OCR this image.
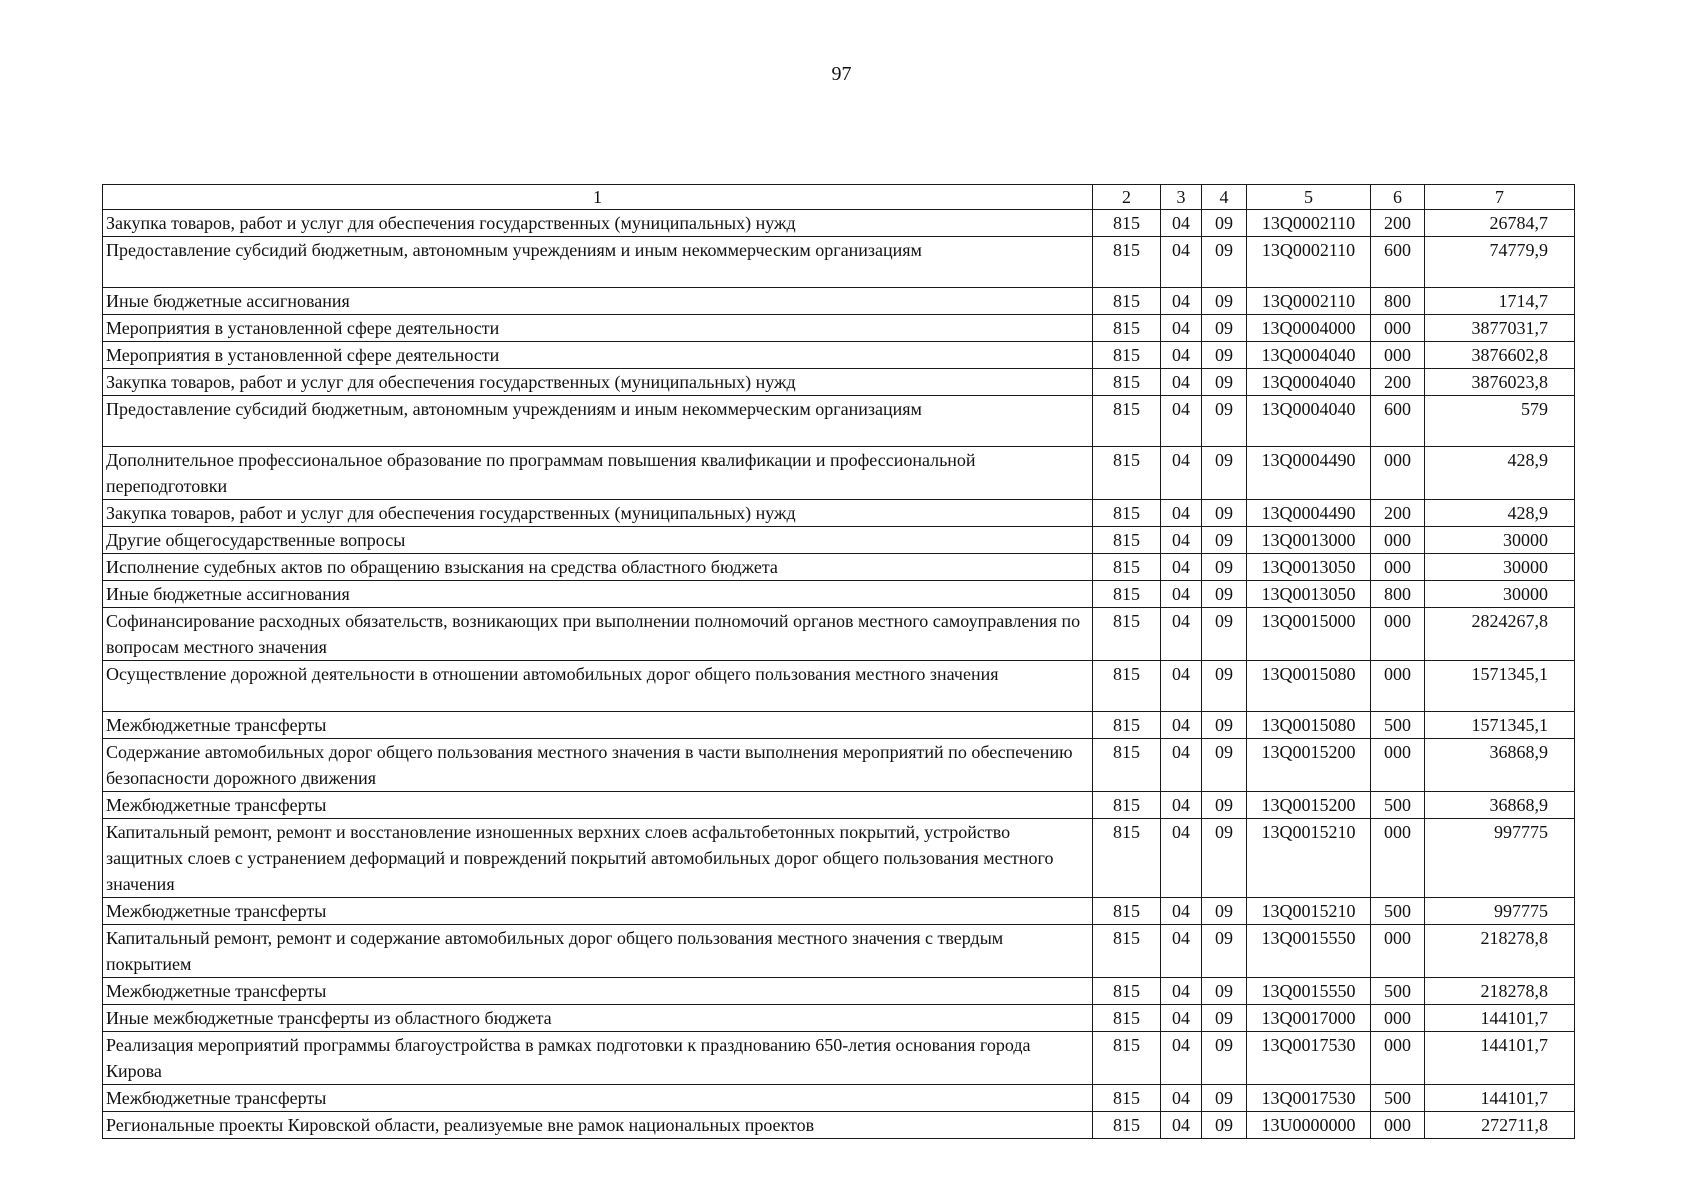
97
1	2	3	4	5	6	7
Закупка товаров, работ и услуг для обеспечения государственных (муниципальных) нужд	815	04	09	13Q0002110	200	26784,7
Предоставление субсидий бюджетным, автономным учреждениям и иным некоммерческим организациям	815	04	09	13Q0002110	600	74779,9
Иные бюджетные ассигнования	815	04	09	13Q0002110	800	1714,7
Мероприятия в установленной сфере деятельности	815	04	09	13Q0004000	000	3877031,7
Мероприятия в установленной сфере деятельности	815	04	09	13Q0004040	000	3876602,8
Закупка товаров, работ и услуг для обеспечения государственных (муниципальных) нужд	815	04	09	13Q0004040	200	3876023,8
Предоставление субсидий бюджетным, автономным учреждениям и иным некоммерческим организациям	815	04	09	13Q0004040	600	579
Дополнительное профессиональное образование по программам повышения квалификации и профессиональной переподготовки	815	04	09	13Q0004490	000	428,9
Закупка товаров, работ и услуг для обеспечения государственных (муниципальных) нужд	815	04	09	13Q0004490	200	428,9
Другие общегосударственные вопросы	815	04	09	13Q0013000	000	30000
Исполнение судебных актов по обращению взыскания на средства областного бюджета	815	04	09	13Q0013050	000	30000
Иные бюджетные ассигнования	815	04	09	13Q0013050	800	30000
Софинансирование расходных обязательств, возникающих при выполнении полномочий органов местного самоуправления по вопросам местного значения	815	04	09	13Q0015000	000	2824267,8
Осуществление дорожной деятельности в отношении автомобильных дорог общего пользования местного значения	815	04	09	13Q0015080	000	1571345,1
Межбюджетные трансферты	815	04	09	13Q0015080	500	1571345,1
Содержание автомобильных дорог общего пользования местного значения в части выполнения мероприятий по обеспечению безопасности дорожного движения	815	04	09	13Q0015200	000	36868,9
Межбюджетные трансферты	815	04	09	13Q0015200	500	36868,9
Капитальный ремонт, ремонт и восстановление изношенных верхних слоев асфальтобетонных покрытий, устройство защитных слоев с устранением деформаций и повреждений покрытий автомобильных дорог общего пользования местного значения	815	04	09	13Q0015210	000	997775
Межбюджетные трансферты	815	04	09	13Q0015210	500	997775
Капитальный ремонт, ремонт и содержание автомобильных дорог общего пользования местного значения с твердым покрытием	815	04	09	13Q0015550	000	218278,8
Межбюджетные трансферты	815	04	09	13Q0015550	500	218278,8
Иные межбюджетные трансферты из областного бюджета	815	04	09	13Q0017000	000	144101,7
Реализация мероприятий программы благоустройства в рамках подготовки к празднованию 650-летия основания города Кирова	815	04	09	13Q0017530	000	144101,7
Межбюджетные трансферты	815	04	09	13Q0017530	500	144101,7
Региональные проекты Кировской области, реализуемые вне рамок национальных проектов	815	04	09	13U0000000	000	272711,8
